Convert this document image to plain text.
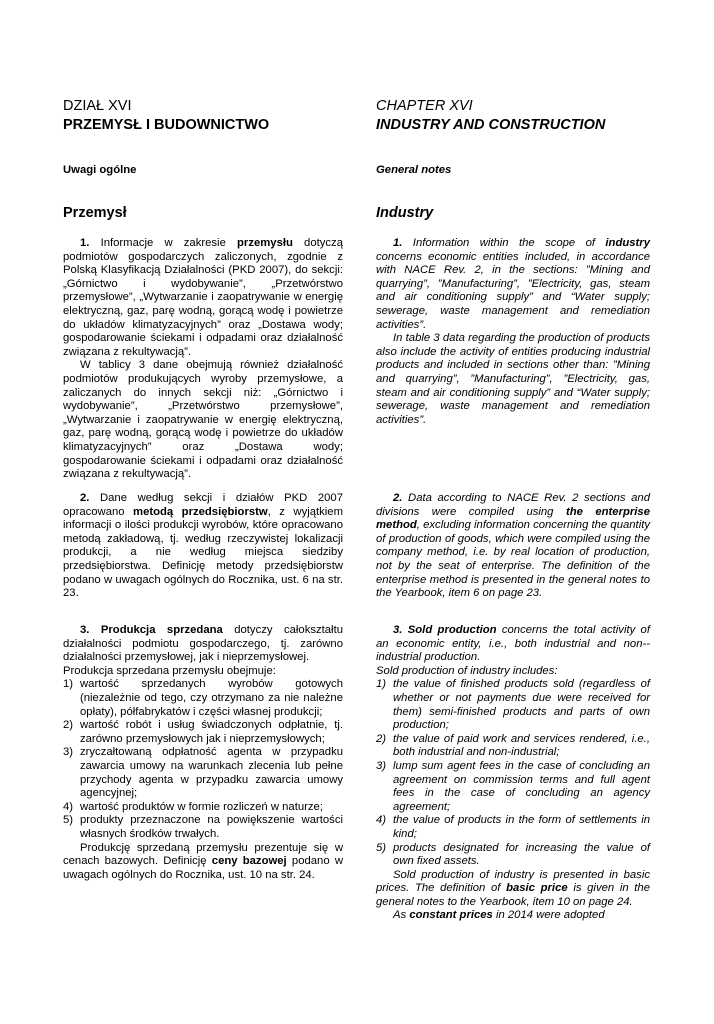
DZIAŁ XVI
PRZEMYSŁ I BUDOWNICTWO
Uwagi ogólne
Przemysł

1. Informacje w zakresie przemysłu dotyczą podmiotów gospodarczych zaliczonych, zgodnie z Polską Klasyfikacją Działalności (PKD 2007), do sekcji: „Górnictwo i wydobywanie”, „Przetwórstwo przemysłowe”, „Wytwarzanie i zaopatrywanie w energię elektryczną, gaz, parę wodną, gorącą wodę i powietrze do układów klimatyzacyjnych” oraz „Dostawa wody; gospodarowanie ściekami i odpadami oraz działalność związana z rekultywacją”.

W tablicy 3 dane obejmują również działalność podmiotów produkujących wyroby przemysłowe, a zaliczanych do innych sekcji niż: „Górnictwo i wydobywanie”, „Przetwórstwo przemysłowe”, „Wytwarzanie i zaopatrywanie w energię elektryczną, gaz, parę wodną, gorącą wodę i powietrze do układów klimatyzacyjnych” oraz „Dostawa wody; gospodarowanie ściekami i odpadami oraz działalność związana z rekultywacją”.

2. Dane według sekcji i działów PKD 2007 opracowano metodą przedsiębiorstw, z wyjątkiem informacji o ilości produkcji wyrobów, które opracowano metodą zakładową, tj. według rzeczywistej lokalizacji produkcji, a nie według miejsca siedziby przedsiębiorstwa. Definicję metody przedsiębiorstw podano w uwagach ogólnych do Rocznika, ust. 6 na str. 23.

3. Produkcja sprzedana dotyczy całokształtu działalności podmiotu gospodarczego, tj. zarówno działalności przemysłowej, jak i nieprzemysłowej.

Produkcja sprzedana przemysłu obejmuje:

1) wartość sprzedanych wyrobów gotowych (niezależnie od tego, czy otrzymano za nie należne opłaty), półfabrykatów i części własnej produkcji;
2) wartość robót i usług świadczonych odpłatnie, tj. zarówno przemysłowych jak i nieprzemysłowych;
3) zryczałtowaną odpłatność agenta w przypadku zawarcia umowy na warunkach zlecenia lub pełne przychody agenta w przypadku zawarcia umowy agencyjnej;
4) wartość produktów w formie rozliczeń w naturze;
5) produkty przeznaczone na powiększenie wartości własnych środków trwałych.

Produkcję sprzedaną przemysłu prezentuje się w cenach bazowych. Definicję ceny bazowej podano w uwagach ogólnych do Rocznika, ust. 10 na str. 24.

CHAPTER XVI
INDUSTRY AND CONSTRUCTION
General notes
Industry

1. Information within the scope of industry concerns economic entities included, in accordance with NACE Rev. 2, in the sections: ”Mining and quarrying”, ”Manufacturing”, ”Electricity, gas, steam and air conditioning supply” and “Water supply; sewerage, waste management and remediation activities”.

In table 3 data regarding the production of products also include the activity of entities producing industrial products and included in sections other than: ”Mining and quarrying”, ”Manufacturing”, ”Electricity, gas, steam and air conditioning supply” and “Water supply; sewerage, waste management and remediation activities”.

2. Data according to NACE Rev. 2 sections and divisions were compiled using the enterprise method, excluding information concerning the quantity of production of goods, which were compiled using the company method, i.e. by real location of production, not by the seat of enterprise. The definition of the enterprise method is presented in the general notes to the Yearbook, item 6 on page 23.

3. Sold production concerns the total activity of an economic entity, i.e., both industrial and non--industrial production.

Sold production of industry includes:

1) the value of finished products sold (regardless of whether or not payments due were received for them) semi-finished products and parts of own production;
2) the value of paid work and services rendered, i.e., both industrial and non-industrial;
3) lump sum agent fees in the case of concluding an agreement on commission terms and full agent fees in the case of concluding an agency agreement;
4) the value of products in the form of settlements in kind;
5) products designated for increasing the value of own fixed assets.

Sold production of industry is presented in basic prices. The definition of basic price is given in the general notes to the Yearbook, item 10 on page 24.

As constant prices in 2014 were adopted
